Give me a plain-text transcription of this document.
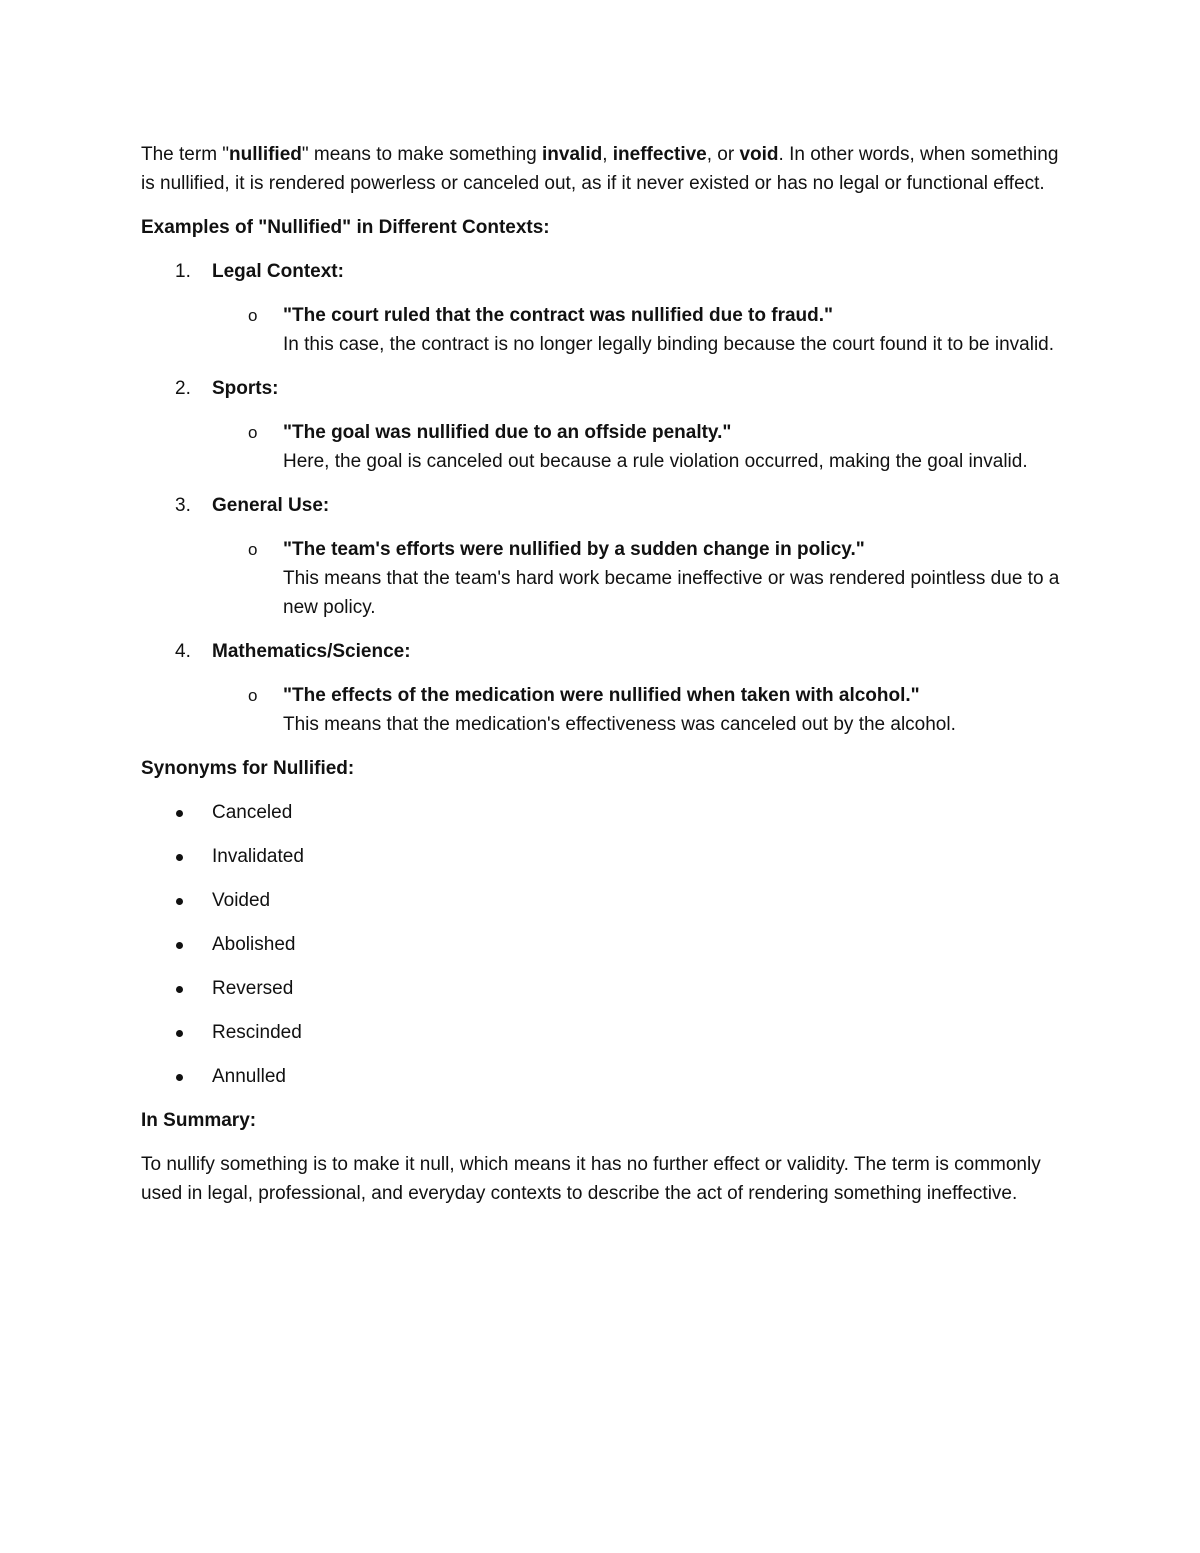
The term "nullified" means to make something invalid, ineffective, or void. In other words, when something is nullified, it is rendered powerless or canceled out, as if it never existed or has no legal or functional effect.

Examples of "Nullified" in Different Contexts:

1. Legal Context:
o "The court ruled that the contract was nullified due to fraud."
In this case, the contract is no longer legally binding because the court found it to be invalid.
2. Sports:
o "The goal was nullified due to an offside penalty."
Here, the goal is canceled out because a rule violation occurred, making the goal invalid.
3. General Use:
o "The team's efforts were nullified by a sudden change in policy."
This means that the team's hard work became ineffective or was rendered pointless due to a new policy.
4. Mathematics/Science:
o "The effects of the medication were nullified when taken with alcohol."
This means that the medication's effectiveness was canceled out by the alcohol.

Synonyms for Nullified:

Canceled
Invalidated
Voided
Abolished
Reversed
Rescinded
Annulled

In Summary:

To nullify something is to make it null, which means it has no further effect or validity. The term is commonly used in legal, professional, and everyday contexts to describe the act of rendering something ineffective.
